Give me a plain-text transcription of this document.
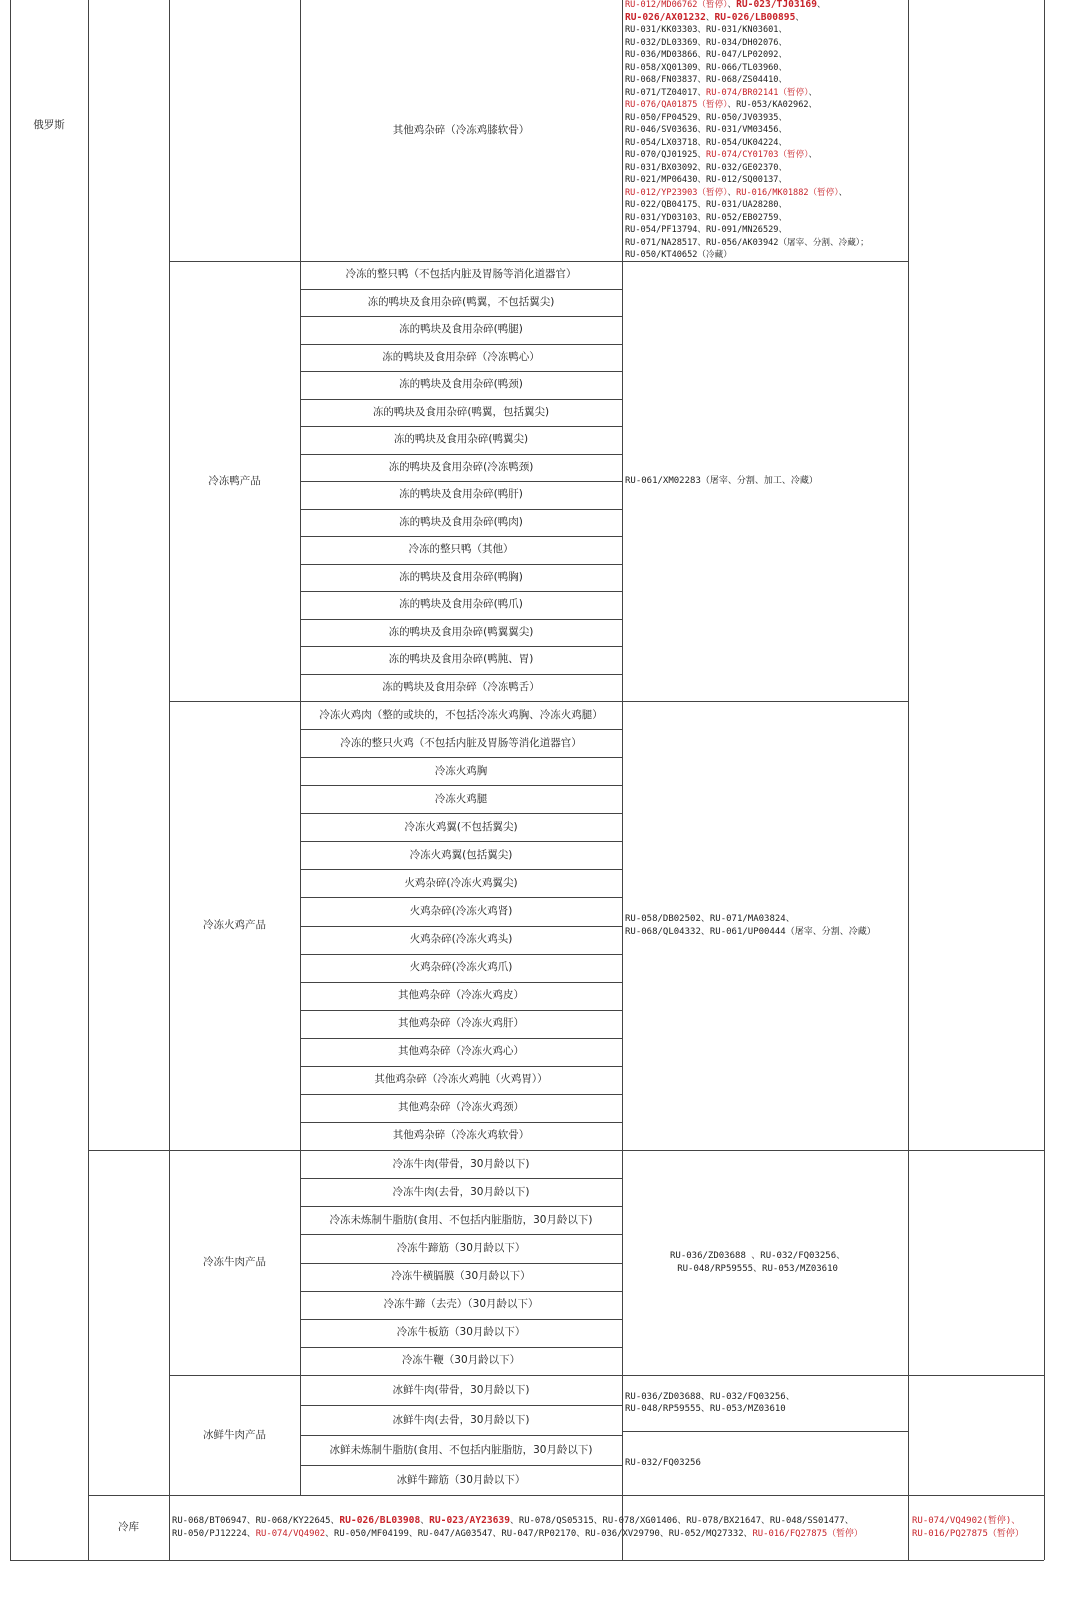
俄罗斯	其他鸡杂碎（冷冻鸡膝软骨）
RU-012/MD06762（暂停）、RU-023/TJ03169、
RU-026/AX01232、RU-026/LB00895、
RU-031/KK03303、RU-031/KN03601、
RU-032/DL03369、RU-034/DH02076、
RU-036/MD03866、RU-047/LP02092、
RU-058/XQ01309、RU-066/TL03960、
RU-068/FN03837、RU-068/ZS04410、
RU-071/TZ04017、RU-074/BR02141（暂停）、
RU-076/QA01875（暂停）、RU-053/KA02962、
RU-050/FP04529、RU-050/JV03935、
RU-046/SV03636、RU-031/VM03456、
RU-054/LX03718、RU-054/UK04224、
RU-070/QJ01925、RU-074/CY01703（暂停）、
RU-031/BX03092、RU-032/GE02370、
RU-021/MP06430、RU-012/SQ00137、
RU-012/YP23903（暂停）、RU-016/MK01882（暂停）、
RU-022/QB04175、RU-031/UA28280、
RU-031/YD03103、RU-052/EB02759、
RU-054/PF13794、RU-091/MN26529、
RU-071/NA28517、RU-056/AK03942（屠宰、分割、冷藏）；
RU-050/KT40652（冷藏）
冷冻鸭产品
冷冻的整只鸭（不包括内脏及胃肠等消化道器官）
冻的鸭块及食用杂碎(鸭翼，不包括翼尖)
冻的鸭块及食用杂碎(鸭腿)
冻的鸭块及食用杂碎（冷冻鸭心）
冻的鸭块及食用杂碎(鸭颈)
冻的鸭块及食用杂碎(鸭翼，包括翼尖)
冻的鸭块及食用杂碎(鸭翼尖)
冻的鸭块及食用杂碎(冷冻鸭颈)
冻的鸭块及食用杂碎(鸭肝)
冻的鸭块及食用杂碎(鸭肉)
冷冻的整只鸭（其他）
冻的鸭块及食用杂碎(鸭胸)
冻的鸭块及食用杂碎(鸭爪)
冻的鸭块及食用杂碎(鸭翼翼尖)
冻的鸭块及食用杂碎(鸭肫、胃)
冻的鸭块及食用杂碎（冷冻鸭舌）
RU-061/XM02283（屠宰、分割、加工、冷藏）
冷冻火鸡产品
冷冻火鸡肉（整的或块的，不包括冷冻火鸡胸、冷冻火鸡腿）
冷冻的整只火鸡（不包括内脏及胃肠等消化道器官）
冷冻火鸡胸
冷冻火鸡腿
冷冻火鸡翼(不包括翼尖)
冷冻火鸡翼(包括翼尖)
火鸡杂碎(冷冻火鸡翼尖)
火鸡杂碎(冷冻火鸡肾)
火鸡杂碎(冷冻火鸡头)
火鸡杂碎(冷冻火鸡爪)
其他鸡杂碎（冷冻火鸡皮）
其他鸡杂碎（冷冻火鸡肝）
其他鸡杂碎（冷冻火鸡心）
其他鸡杂碎（冷冻火鸡肫（火鸡胃））
其他鸡杂碎（冷冻火鸡颈）
其他鸡杂碎（冷冻火鸡软骨）
RU-058/DB02502、RU-071/MA03824、
RU-068/QL04332、RU-061/UP00444（屠宰、分割、冷藏）
冷冻牛肉产品
冷冻牛肉(带骨，30月龄以下)
冷冻牛肉(去骨，30月龄以下)
冷冻未炼制牛脂肪(食用、不包括内脏脂肪，30月龄以下)
冷冻牛蹄筋（30月龄以下）
冷冻牛横膈膜（30月龄以下）
冷冻牛蹄（去壳）（30月龄以下）
冷冻牛板筋（30月龄以下）
冷冻牛鞭（30月龄以下）
RU-036/ZD03688 、RU-032/FQ03256、
RU-048/RP59555、RU-053/MZ03610
冰鲜牛肉产品
冰鲜牛肉(带骨，30月龄以下)
冰鲜牛肉(去骨，30月龄以下)
冰鲜未炼制牛脂肪(食用、不包括内脏脂肪，30月龄以下)
冰鲜牛蹄筋（30月龄以下）
RU-036/ZD03688、RU-032/FQ03256、
RU-048/RP59555、RU-053/MZ03610
RU-032/FQ03256
冷库	RU-068/BT06947、RU-068/KY22645、RU-026/BL03908、RU-023/AY23639、RU-078/QS05315、RU-078/XG01406、RU-078/BX21647、RU-048/SS01477、
RU-050/PJ12224、RU-074/VQ4902、RU-050/MF04199、RU-047/AG03547、RU-047/RP02170、RU-036/XV29790、RU-052/MQ27332、RU-016/FQ27875（暂停）
RU-074/VQ4902(暂停)、
RU-016/PQ27875（暂停）
